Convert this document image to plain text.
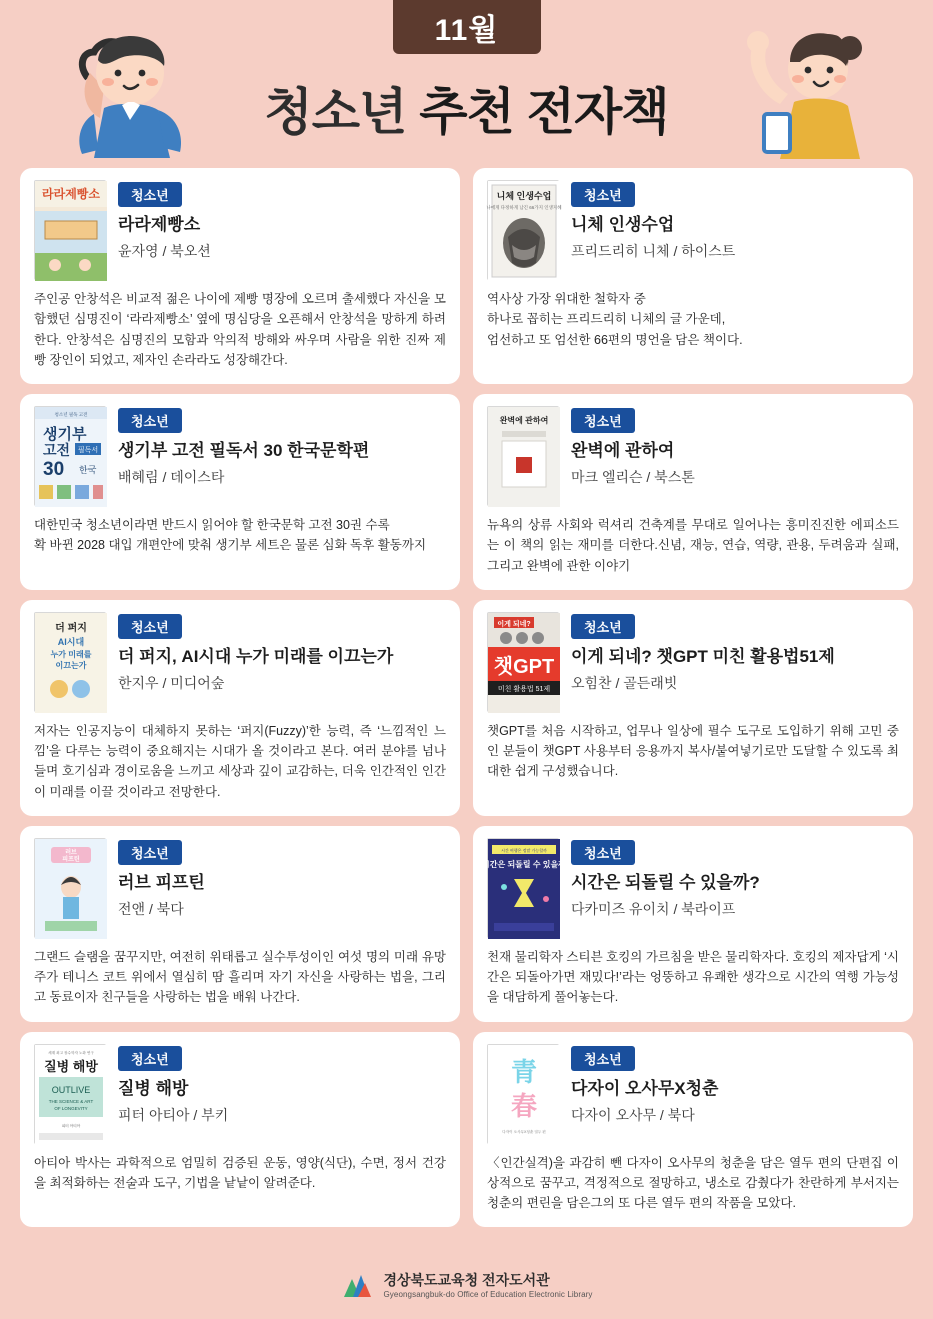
11월
청소년 추천 전자책
라라제빵소	청소년
라라제빵소
윤자영 / 북오션
주인공 안창석은 비교적 젊은 나이에 제빵 명장에 오르며 출세했다 자신을 모함했던 심명진이 ‘라라제빵소’ 옆에 명심당을 오픈해서 안창석을 망하게 하려 한다. 안창석은 심명진의 모함과 악의적 방해와 싸우며 사람을 위한 진짜 제빵 장인이 되었고, 제자인 손라라도 성장해간다.
니체 인생수업
나에게 다정하게 남긴 66가지 인생지혜
청소년
니체 인생수업
프리드리히 니체 / 하이스트
역사상 가장 위대한 철학자 중
하나로 꼽히는 프리드리히 니체의 글 가운데,
엄선하고 또 엄선한 66편의 명언을 담은 책이다.
청소년 필독 고전
생기부
고전 필독서
30 한국
청소년
생기부 고전 필독서 30 한국문학편
배혜림 / 데이스타
대한민국 청소년이라면 반드시 읽어야 할 한국문학 고전 30권 수록
확 바뀐 2028 대입 개편안에 맞춰 생기부 세트은 물론 심화 독후 활동까지
완벽에 관하여	청소년
완벽에 관하여
마크 엘리슨 / 북스톤
뉴욕의 상류 사회와 럭셔리 건축계를 무대로 일어나는 흥미진진한 에피소드는 이 책의 읽는 재미를 더한다.신념, 재능, 연습, 역량, 관용, 두려움과 실패, 그리고 완벽에 관한 이야기
더 퍼지
AI시대
누가 미래를
이끄는가
청소년
더 퍼지, AI시대 누가 미래를 이끄는가
한지우 / 미디어숲
저자는 인공지능이 대체하지 못하는 ‘퍼지(Fuzzy)’한 능력, 즉 ‘느낌적인 느낌’을 다루는 능력이 중요해지는 시대가 올 것이라고 본다. 여러 분야를 넘나들며 호기심과 경이로움을 느끼고 세상과 깊이 교감하는, 더욱 인간적인 인간이 미래를 이끌 것이라고 전망한다.
이게 되네?
챗GPT
미친 활용법 51제
청소년
이게 되네? 챗GPT 미친 활용법51제
오힘찬 / 골든래빗
챗GPT를 처음 시작하고, 업무나 일상에 필수 도구로 도입하기 위해 고민 중인 분들이 챗GPT 사용부터 응용까지 복사/붙여넣기로만 도달할 수 있도록 최대한 쉽게 구성했습니다.
러브
피프틴	청소년
러브 피프틴
전앤 / 북다
그랜드 슬램을 꿈꾸지만, 여전히 위태롭고 실수투성이인 여섯 명의 미래 유망주가 테니스 코트 위에서 열심히 땀 흘리며 자기 자신을 사랑하는 법을, 그리고 동료이자 친구들을 사랑하는 법을 배워 나간다.
시간 여행은 정말 가능할까
시간은 되돌릴 수 있을까
청소년
시간은 되돌릴 수 있을까?
다카미즈 유이치 / 북라이프
천재 물리학자 스티븐 호킹의 가르침을 받은 물리학자다. 호킹의 제자답게 ‘시간은 되돌아가면 재밌다!’라는 엉뚱하고 유쾌한 생각으로 시간의 역행 가능성을 대담하게 풀어놓는다.
세계 최고 장수학자 노화 연구
질병 해방
OUTLIVE
THE SCIENCE & ART
OF LONGEVITY
피터 아티아
청소년
질병 해방
피터 아티아 / 부키
아티아 박사는 과학적으로 엄밀히 검증된 운동, 영양(식단), 수면, 정서 건강을 최적화하는 전술과 도구, 기법을 낱낱이 알려준다.
青
春
다자이 오사무X청춘 열두 편
청소년
다자이 오사무X청춘
다자이 오사무 / 북다
〈인간실격)을 과감히 뺀 다자이 오사무의 청춘을 담은 열두 편의 단편집 이상적으로 꿈꾸고, 격정적으로 절망하고, 냉소로 감췄다가 찬란하게 부서지는 청춘의 편린을 담은그의 또 다른 열두 편의 작품을 모았다.
경상북도교육청 전자도서관
Gyeongsangbuk-do Office of Education Electronic Library
